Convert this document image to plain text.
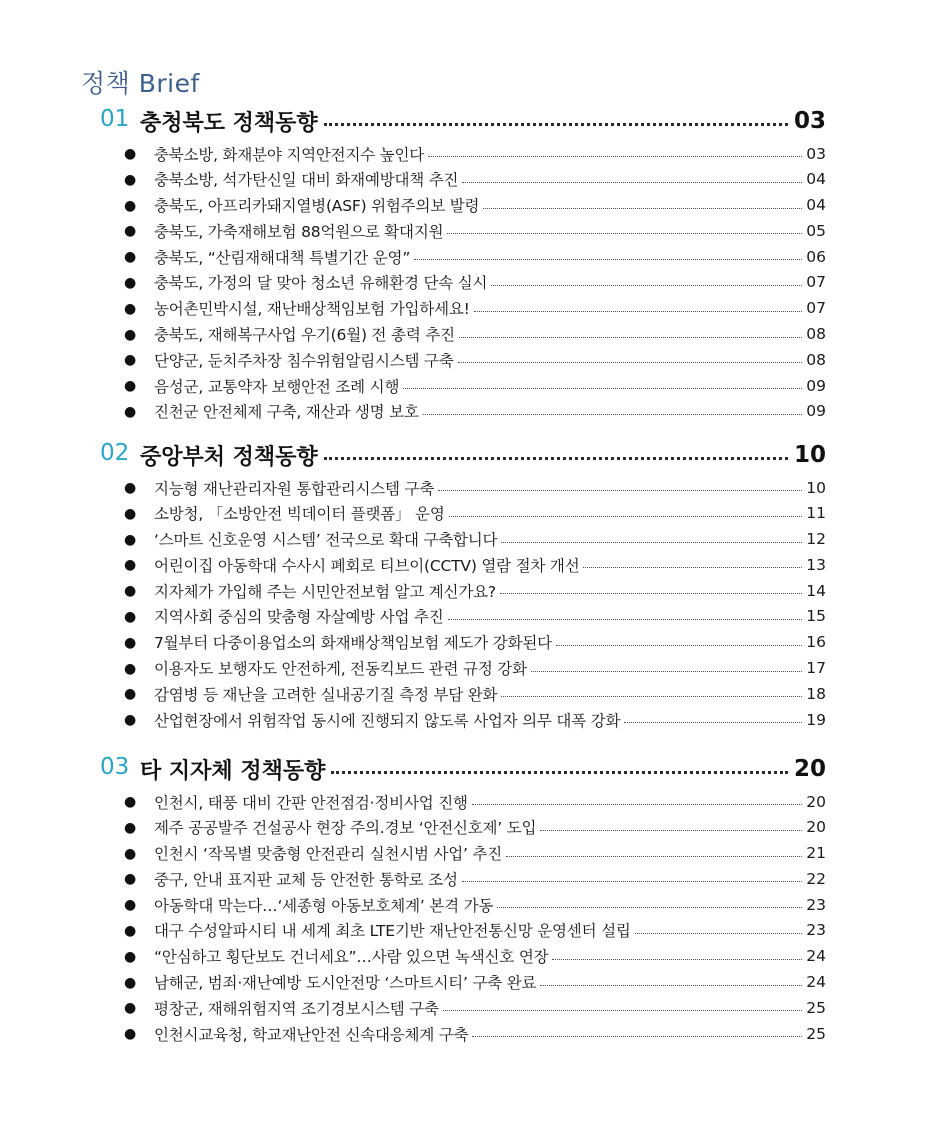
정책 Brief
01 충청북도 정책동향	03
● 충북소방, 화재분야 지역안전지수 높인다	03
● 충북소방, 석가탄신일 대비 화재예방대책 추진	04
● 충북도, 아프리카돼지열병(ASF) 위험주의보 발령	04
● 충북도, 가축재해보험 88억원으로 확대지원	05
● 충북도, “산림재해대책 특별기간 운영”	06
● 충북도, 가정의 달 맞아 청소년 유해환경 단속 실시	07
● 농어촌민박시설, 재난배상책임보험 가입하세요!	07
● 충북도, 재해복구사업 우기(6월) 전 총력 추진	08
● 단양군, 둔치주차장 침수위험알림시스템 구축	08
● 음성군, 교통약자 보행안전 조례 시행	09
● 진천군 안전체제 구축, 재산과 생명 보호	09
02 중앙부처 정책동향	10
● 지능형 재난관리자원 통합관리시스템 구축	10
● 소방청, 「소방안전 빅데이터 플랫폼」 운영	11
● ‘스마트 신호운영 시스템’ 전국으로 확대 구축합니다	12
● 어린이집 아동학대 수사시 폐회로 티브이(CCTV) 열람 절차 개선	13
● 지자체가 가입해 주는 시민안전보험 알고 계신가요?	14
● 지역사회 중심의 맞춤형 자살예방 사업 추진	15
● 7월부터 다중이용업소의 화재배상책임보험 제도가 강화된다	16
● 이용자도 보행자도 안전하게, 전동킥보드 관련 규정 강화	17
● 감염병 등 재난을 고려한 실내공기질 측정 부담 완화	18
● 산업현장에서 위험작업 동시에 진행되지 않도록 사업자 의무 대폭 강화	19
03 타 지자체 정책동향	20
● 인천시, 태풍 대비 간판 안전점검·정비사업 진행	20
● 제주 공공발주 건설공사 현장 주의.경보 ‘안전신호제’ 도입	20
● 인천시 ‘작목별 맞춤형 안전관리 실천시범 사업’ 추진	21
● 중구, 안내 표지판 교체 등 안전한 통학로 조성	22
● 아동학대 막는다…‘세종형 아동보호체계’ 본격 가동	23
● 대구 수성알파시티 내 세계 최초 LTE기반 재난안전통신망 운영센터 설립	23
● “안심하고 횡단보도 건너세요”…사람 있으면 녹색신호 연장	24
● 남해군, 범죄·재난예방 도시안전망 ‘스마트시티’ 구축 완료	24
● 평창군, 재해위험지역 조기경보시스템 구축	25
● 인천시교육청, 학교재난안전 신속대응체계 구축	25
